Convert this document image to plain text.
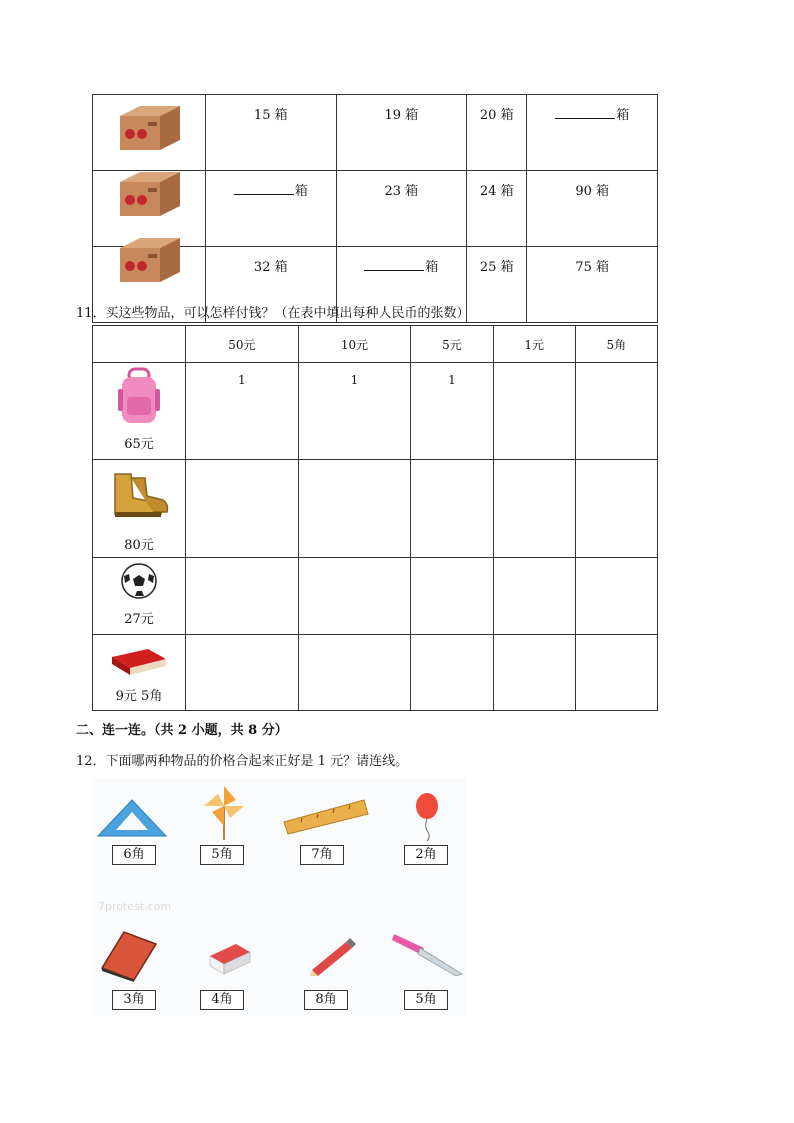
	15 箱	19 箱	20 箱	箱
	箱	23 箱	24 箱	90 箱
	32 箱	箱	25 箱	75 箱
11．买这些物品，可以怎样付钱？（在表中填出每种人民币的张数）
	50元	10元	5元	1元	5角

65元	1	1	1		

80元					

27元					

9元 5角					

二、连一连。（共 2 小题，共 8 分）
12．下面哪两种物品的价格合起来正好是 1 元？请连线。
7protest.com
6角	5角	7角	2角
3角	4角	8角	5角
